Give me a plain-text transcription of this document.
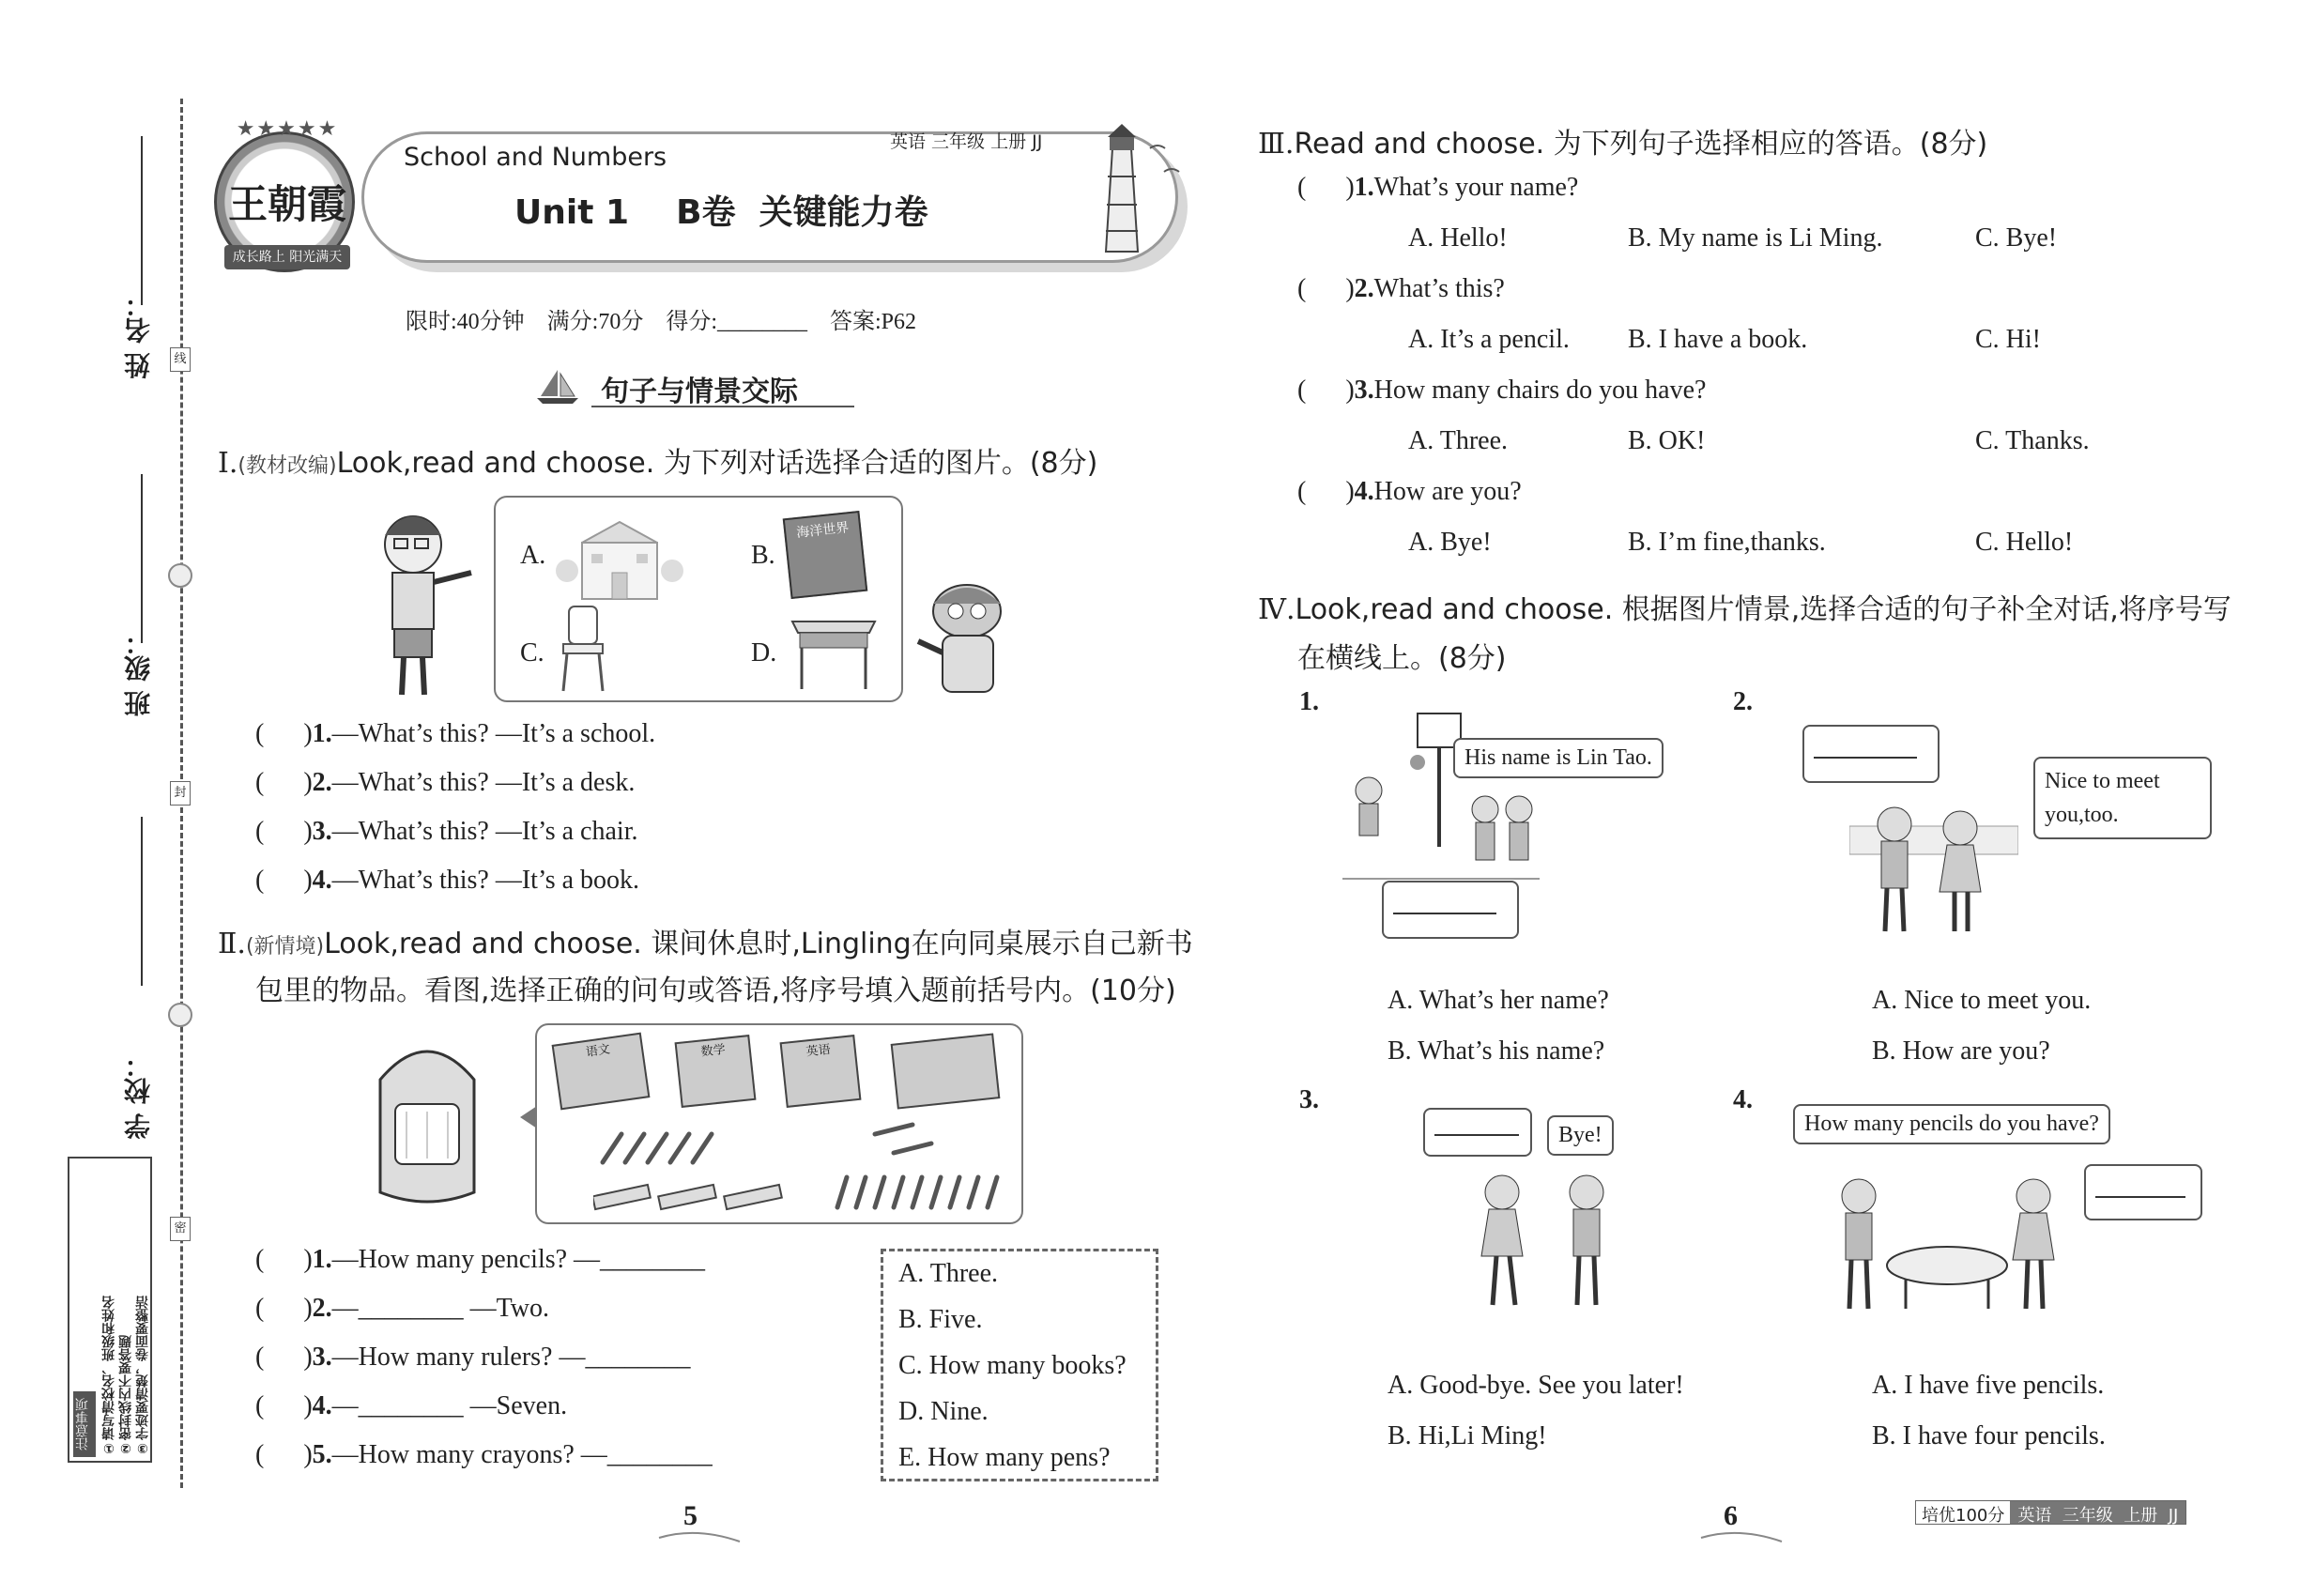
姓 名：
班 级：
学 校：
线
封
密
注意事项 ①请写清校名、班级和姓名 ②密封线内不要答题 ③字迹要清楚，卷面要整洁
★★★★★
王朝霞
成长路上 阳光满天
英语 三年级 上册 JJ
School and Numbers
Unit 1    B卷  关键能力卷
限时:40分钟    满分:70分    得分:________    答案:P62
句子与情景交际
Ⅰ.(教材改编)Look,read and choose. 为下列对话选择合适的图片。(8分)
A.	B.
海洋世界
C.	D.
(      )1.—What’s this? —It’s a school.
(      )2.—What’s this? —It’s a desk.
(      )3.—What’s this? —It’s a chair.
(      )4.—What’s this? —It’s a book.
Ⅱ.(新情境)Look,read and choose. 课间休息时,Lingling在向同桌展示自己新书
包里的物品。看图,选择正确的问句或答语,将序号填入题前括号内。(10分)
语文	数学	英语
(      )1.—How many pencils? —________
(      )2.—________ —Two.
(      )3.—How many rulers? —________
(      )4.—________ —Seven.
(      )5.—How many crayons? —________
A. Three.
B. Five.
C. How many books?
D. Nine.
E. How many pens?
5
Ⅲ.Read and choose. 为下列句子选择相应的答语。(8分)
(      )1.What’s your name?
A. Hello!	B. My name is Li Ming.	C. Bye!
(      )2.What’s this?
A. It’s a pencil. B. I have a book.	C. Hi!
(      )3.How many chairs do you have?
A. Three.	B. OK!	C. Thanks.
(      )4.How are you?
A. Bye!	B. I’m fine,thanks.	C. Hello!
Ⅳ.Look,read and choose. 根据图片情景,选择合适的句子补全对话,将序号写
在横线上。(8分)
1.
His name is Lin Tao.
A. What’s her name?
B. What’s his name?
2.
Nice to meet you,too.
A. Nice to meet you.
B. How are you?
3.
Bye!
A. Good-bye. See you later!
B. Hi,Li Ming!
4.
How many pencils do you have?
A. I have five pencils.
B. I have four pencils.
6	培优100分 英语  三年级  上册  JJ
